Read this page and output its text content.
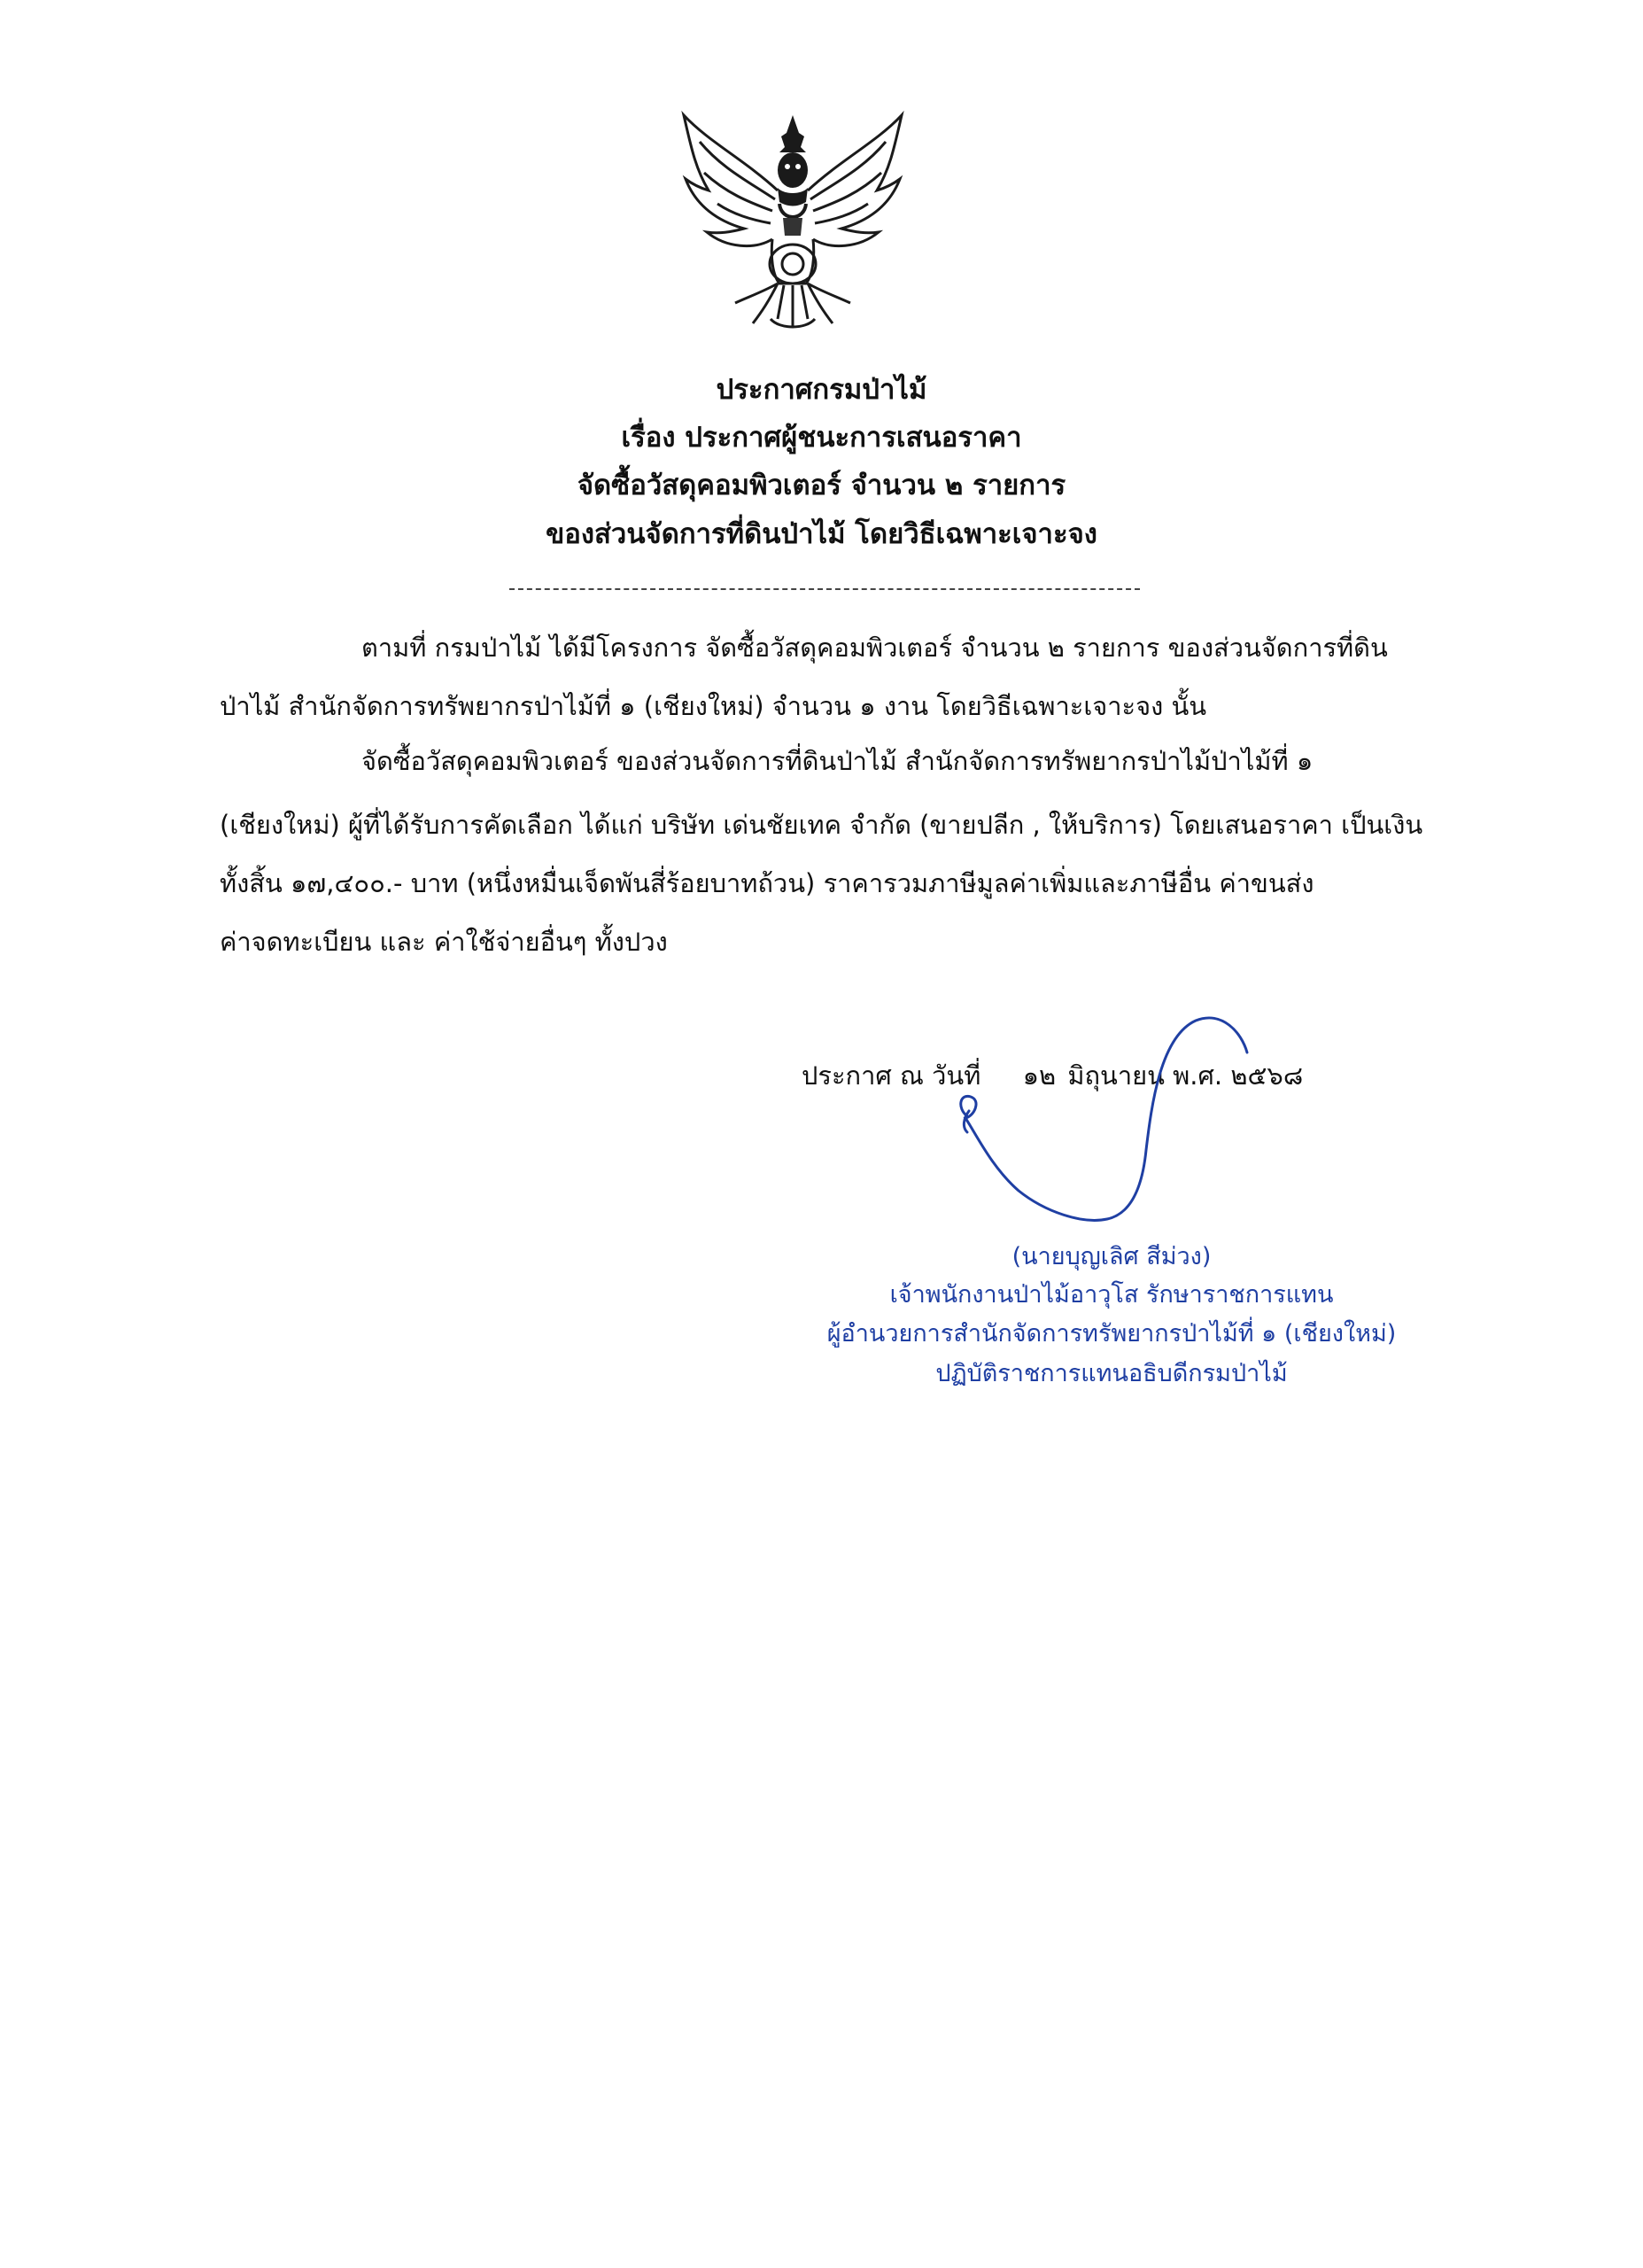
ประกาศกรมป่าไม้
เรื่อง ประกาศผู้ชนะการเสนอราคา
จัดซื้อวัสดุคอมพิวเตอร์ จำนวน ๒ รายการ
ของส่วนจัดการที่ดินป่าไม้ โดยวิธีเฉพาะเจาะจง
ตามที่ กรมป่าไม้ ได้มีโครงการ จัดซื้อวัสดุคอมพิวเตอร์ จำนวน ๒ รายการ ของส่วนจัดการที่ดิน
ป่าไม้ สำนักจัดการทรัพยากรป่าไม้ที่ ๑ (เชียงใหม่) จำนวน ๑ งาน โดยวิธีเฉพาะเจาะจง นั้น
จัดซื้อวัสดุคอมพิวเตอร์ ของส่วนจัดการที่ดินป่าไม้ สำนักจัดการทรัพยากรป่าไม้ป่าไม้ที่ ๑
(เชียงใหม่) ผู้ที่ได้รับการคัดเลือก ได้แก่ บริษัท เด่นชัยเทค จำกัด (ขายปลีก , ให้บริการ) โดยเสนอราคา เป็นเงิน
ทั้งสิ้น ๑๗,๔๐๐.- บาท (หนึ่งหมื่นเจ็ดพันสี่ร้อยบาทถ้วน) ราคารวมภาษีมูลค่าเพิ่มและภาษีอื่น ค่าขนส่ง
ค่าจดทะเบียน และ ค่าใช้จ่ายอื่นๆ ทั้งปวง
ประกาศ ณ วันที่ ๑๒ มิถุนายน พ.ศ. ๒๕๖๘
(นายบุญเลิศ สีม่วง)
เจ้าพนักงานป่าไม้อาวุโส รักษาราชการแทน
ผู้อำนวยการสำนักจัดการทรัพยากรป่าไม้ที่ ๑ (เชียงใหม่)
ปฏิบัติราชการแทนอธิบดีกรมป่าไม้
